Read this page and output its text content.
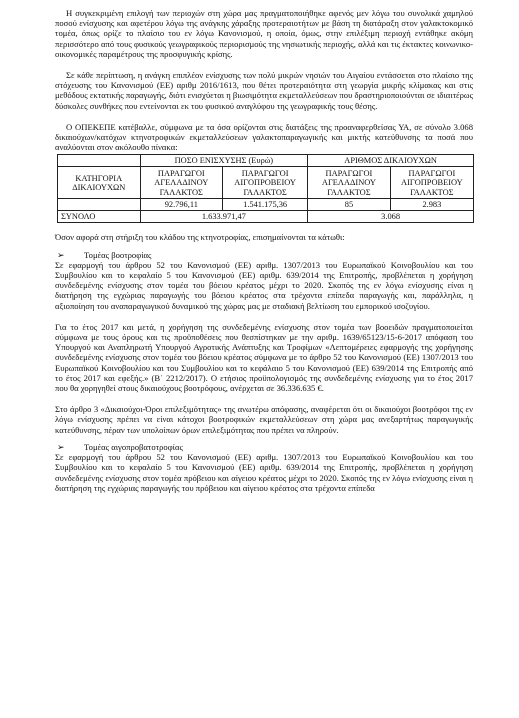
Η συγκεκριμένη επιλογή των περιοχών στη χώρα μας πραγματοποιήθηκε αφενός μεν λόγω του συνολικά χαμηλού ποσού ενίσχυσης και αφετέρου λόγω της ανάγκης χάραξης προτεραιοτήτων με βάση τη διατάραξη στον γαλακτοκομικό τομέα, όπως ορίζε το πλαίσιο του εν λόγω Κανονισμού, η οποία, όμως, στην επιλέξιμη περιοχή εντάθηκε ακόμη περισσότερο από τους φυσικούς γεωγραφικούς περιορισμούς της νησιωτικής περιοχής, αλλά και τις έκτακτες κοινωνικο-οικονομικές παραμέτρους της προσφυγικής κρίσης.

Σε κάθε περίπτωση, η ανάγκη επιπλέον ενίσχυσης των πολύ μικρών νησιών του Αιγαίου εντάσσεται στο πλαίσιο της στόχευσης του Κανονισμού (ΕΕ) αριθμ 2016/1613, που θέτει προτεραιότητα στη γεωργία μικρής κλίμακας και στις μεθόδους εκτατικής παραγωγής, διότι ενισχύεται η βιωσιμότητα εκμεταλλεύσεων που δραστηριοποιούνται σε ιδιαιτέρως δύσκολες συνθήκες που εντείνονται εκ του φυσικού αναγλύφου της γεωγραφικής τους θέσης.

Ο ΟΠΕΚΕΠΕ κατέβαλλε, σύμφωνα με τα όσα ορίζονται στις διατάξεις της προαναφερθείσας ΥΑ, σε σύνολο 3.068 δικαιούχων/κατόχων κτηνοτροφικών εκμεταλλεύσεων γαλακτοπαραγωγικής και μικτής κατεύθυνσης τα ποσά που αναλύονται στον ακόλουθο πίνακα:

	ΠΟΣΟ ΕΝΙΣΧΥΣΗΣ (Ευρώ)		ΑΡΙΘΜΟΣ ΔΙΚΑΙΟΥΧΩΝ	
ΚΑΤΗΓΟΡΙΑ ΔΙΚΑΙΟΥΧΩΝ	ΠΑΡΑΓΩΓΟΙ ΑΓΕΛΑΔΙΝΟΥ ΓΑΛΑΚΤΟΣ	ΠΑΡΑΓΩΓΟΙ ΑΙΓΟΠΡΟΒΕΙΟΥ ΓΑΛΑΚΤΟΣ	ΠΑΡΑΓΩΓΟΙ ΑΓΕΛΑΔΙΝΟΥ ΓΑΛΑΚΤΟΣ	ΠΑΡΑΓΩΓΟΙ ΑΙΓΟΠΡΟΒΕΙΟΥ ΓΑΛΑΚΤΟΣ
	92.796,11	1.541.175,36	85	2.983
ΣΥΝΟΛΟ	1.633.971,47		3.068	

Όσον αφορά στη στήριξη του κλάδου της κτηνοτροφίας, επισημαίνονται τα κάτωθι:

➢	Τομέας βοοτροφίας

Σε εφαρμογή του άρθρου 52 του Κανονισμού (ΕΕ) αριθμ. 1307/2013 του Ευρωπαϊκού Κοινοβουλίου και του Συμβουλίου και το κεφαλαίο 5 του Κανονισμού (ΕΕ) αριθμ. 639/2014 της Επιτροπής, προβλέπεται η χορήγηση συνδεδεμένης ενίσχυσης στον τομέα του βόειου κρέατος μέχρι το 2020. Σκοπός της εν λόγω ενίσχυσης είναι η διατήρηση της εγχώριας παραγωγής του βόειου κρέατος στα τρέχοντα επίπεδα παραγωγής και, παράλληλα, η αξιοποίηση του αναπαραγωγικού δυναμικού της χώρας μας με σταδιακή βελτίωση του εμπορικού ισοζυγίου.

Για το έτος 2017 και μετά, η χορήγηση της συνδεδεμένης ενίσχυσης στον τομέα των βοοειδών πραγματοποιείται σύμφωνα με τους όρους και τις προϋποθέσεις που θεσπίστηκαν με την αριθμ. 1639/65123/15-6-2017 απόφαση του Υπουργού και Αναπληρωτή Υπουργού Αγροτικής Ανάπτυξης και Τροφίμων «Λεπτομέρειες εφαρμογής της χορήγησης συνδεδεμένης ενίσχυσης στον τομέα του βόειου κρέατος σύμφωνα με το άρθρο 52 του Κανονισμού (ΕΕ) 1307/2013 του Ευρωπαϊκού Κοινοβουλίου και του Συμβουλίου και το κεφάλαιο 5 του Κανονισμού (ΕΕ) 639/2014 της Επιτροπής από το έτος 2017 και εφεξής.» (Β΄ 2212/2017). Ο ετήσιος προϋπολογισμός της συνδεδεμένης ενίσχυσης για το έτος 2017 που θα χορηγηθεί στους δικαιούχους βοοτρόφους, ανέρχεται σε 36.336.635 €.

Στο άρθρο 3 «Δικαιούχοι-Όροι επιλεξιμότητας» της ανωτέρω απόφασης, αναφέρεται ότι οι δικαιούχοι βοοτρόφοι της εν λόγω ενίσχυσης πρέπει να είναι κάτοχοι βοοτροφικών εκμεταλλεύσεων στη χώρα μας ανεξαρτήτως παραγωγικής κατεύθυνσης, πέραν των υπολοίπων όρων επιλεξιμότητας που πρέπει να πληρούν.

➢	Τομέας αιγοπροβατοτροφίας

Σε εφαρμογή του άρθρου 52 του Κανονισμού (ΕΕ) αριθμ. 1307/2013 του Ευρωπαϊκού Κοινοβουλίου και του Συμβουλίου και το κεφαλαίο 5 του Κανονισμού (ΕΕ) αριθμ. 639/2014 της Επιτροπής, προβλέπεται η χορήγηση συνδεδεμένης ενίσχυσης στον τομέα πρόβειου και αίγειου κρέατος μέχρι το 2020. Σκοπός της εν λόγω ενίσχυσης είναι η διατήρηση της εγχώριας παραγωγής του πρόβειου και αίγειου κρέατος στα τρέχοντα επίπεδα
